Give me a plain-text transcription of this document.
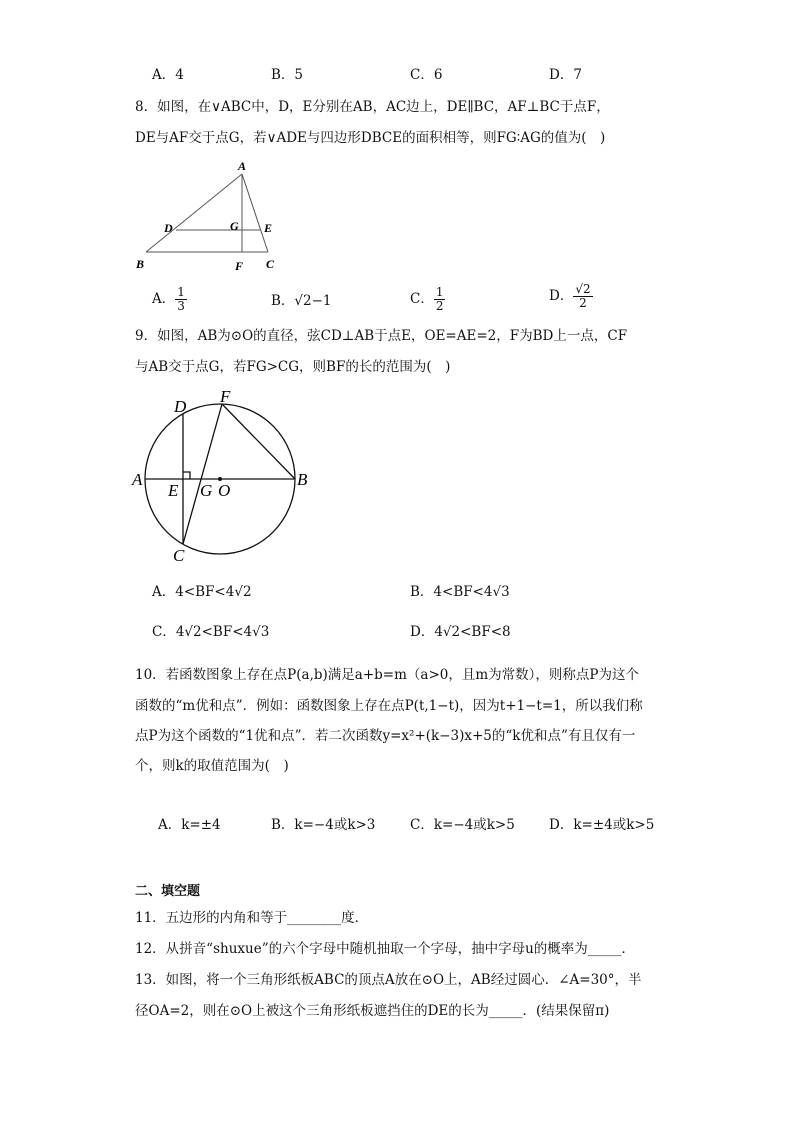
A．4	B．5	C．6	D．7
8．如图，在∨ABC中，D，E分别在AB，AC边上，DE∥BC，AF⊥BC于点F，
DE与AF交于点G，若∨ADE与四边形DBCE的面积相等，则FG∶AG的值为(　)
A
B	C
D	E
F
G
A． $\frac{1}{3}$	B．√2−1	C． $\frac{1}{2}$	D． $\frac{√2}{2}$
9．如图，AB为⊙O的直径，弦CD⊥AB于点E，OE=AE=2，F为BD上一点，CF
与AB交于点G，若FG>CG，则BF的长的范围为(　)
A	B
C
D
E
F
G O
A．4<BF<4√2	B．4<BF<4√3
C．4√2<BF<4√3	D．4√2<BF<8
10．若函数图象上存在点P(a,b)满足a+b=m（a>0，且m为常数），则称点P为这个
函数的“m优和点”．例如：函数图象上存在点P(t,1−t)，因为t+1−t=1，所以我们称
点P为这个函数的“1优和点”．若二次函数y=x²+(k−3)x+5的“k优和点”有且仅有一
个，则k的取值范围为(　)
A．k=±4	B．k=−4或k>3	C．k=−4或k>5	D．k=±4或k>5
二、填空题
11．五边形的内角和等于________度．
12．从拼音“shuxue”的六个字母中随机抽取一个字母，抽中字母u的概率为_____．
13．如图，将一个三角形纸板ABC的顶点A放在⊙O上，AB经过圆心．∠A=30°，半
径OA=2，则在⊙O上被这个三角形纸板遮挡住的DE的长为_____．(结果保留π)
